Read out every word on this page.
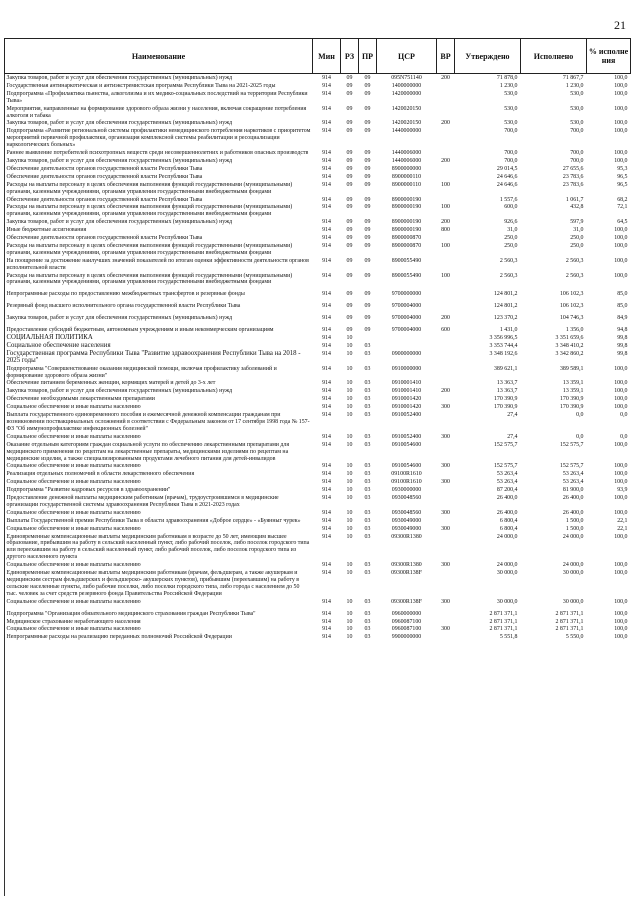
21
Наименование	Мин	РЗ	ПР	ЦСР	ВР	Утверждено	Исполнено	% исполне ния
Закупка товаров, работ и услуг для обеспечения государственных (муниципальных) нужд	914	09	09	095N751140	200	71 878,0	71 867,7	100,0
Государственная антинаркотическая и антиэкстремистская программа Республики Тыва на 2021-2025 годы	914	09	09	1400000000		1 230,0	1 230,0	100,0
Подпрограмма «Профилактика пьянства, алкоголизма и их медико-социальных последствий на территории Республики Тыва»	914	09	09	1420000000		530,0	530,0	100,0
Мероприятия, направленные на формирование здорового образа жизни у населения, включая сокращение потребления алкоголя и табака	914	09	09	1420020150		530,0	530,0	100,0
Закупка товаров, работ и услуг для обеспечения государственных (муниципальных) нужд	914	09	09	1420020150	200	530,0	530,0	100,0
Подпрограмма «Развитие региональной системы профилактики немедицинского потребления наркотиков с приоритетом мероприятий первичной профилактики, организация комплексной системы реабилитации и ресоциализации наркологических больных»	914	09	09	1440000000		700,0	700,0	100,0
Раннее выявление потребителей психотропных веществ среди несовершеннолетних и работников опасных производств	914	09	09	1440006000		700,0	700,0	100,0
Закупка товаров, работ и услуг для обеспечения государственных (муниципальных) нужд	914	09	09	1440006000	200	700,0	700,0	100,0
Обеспечение деятельности органов государственной власти Республики Тыва	914	09	09	8900000000		29 014,5	27 655,6	95,3
Обеспечение деятельности органов государственной власти Республики Тыва	914	09	09	8900000110		24 646,6	23 783,6	96,5
Расходы на выплаты персоналу в целях обеспечения выполнения функций государственными (муниципальными) органами, казенными учреждениями, органами управления государственными внебюджетными фондами	914	09	09	8900000110	100	24 646,6	23 783,6	96,5
Обеспечение деятельности органов государственной власти Республики Тыва	914	09	09	8900000190		1 557,6	1 061,7	68,2
Расходы на выплаты персоналу в целях обеспечения выполнения функций государственными (муниципальными) органами, казенными учреждениями, органами управления государственными внебюджетными фондами	914	09	09	8900000190	100	600,0	432,8	72,1
Закупка товаров, работ и услуг для обеспечения государственных (муниципальных) нужд	914	09	09	8900000190	200	926,6	597,9	64,5
Иные бюджетные ассигнования	914	09	09	8900000190	800	31,0	31,0	100,0
Обеспечение деятельности органов государственной власти Республики Тыва	914	09	09	8900000870		250,0	250,0	100,0
Расходы на выплаты персоналу в целях обеспечения выполнения функций государственными (муниципальными) органами, казенными учреждениями, органами управления государственными внебюджетными фондами	914	09	09	8900000870	100	250,0	250,0	100,0
На поощрение за достижение наилучших значений показателей по итогам оценки эффективности деятельности органов исполнительной власти	914	09	09	8900055490		2 560,3	2 560,3	100,0
Расходы на выплаты персоналу в целях обеспечения выполнения функций государственными (муниципальными) органами, казенными учреждениями, органами управления государственными внебюджетными фондами	914	09	09	8900055490	100	2 560,3	2 560,3	100,0
Непрограммные расходы по предоставлению межбюджетных трансфертов и резервные фонды	914	09	09	9700000000		124 801,2	106 102,3	85,0
Резервный фонд высшего исполнительного органа государственной власти Республики Тыва	914	09	09	9700004000		124 801,2	106 102,3	85,0
Закупка товаров, работ и услуг для обеспечения государственных (муниципальных) нужд	914	09	09	9700004000	200	123 370,2	104 746,3	84,9
Предоставление субсидий бюджетным, автономным учреждениям и иным некоммерческим организациям	914	09	09	9700004000	600	1 431,0	1 356,0	94,8
СОЦИАЛЬНАЯ ПОЛИТИКА	914	10				3 356 996,5	3 351 659,6	99,8
Социальное обеспечение населения	914	10	03			3 353 744,4	3 348 410,2	99,8
Государственная программа Республики Тыва "Развитие здравоохранения Республики Тыва на 2018 - 2025 годы"	914	10	03	0900000000		3 348 192,6	3 342 860,2	99,8
Подпрограмма "Совершенствование оказания медицинской помощи, включая профилактику заболеваний и формирование здорового образа жизни"	914	10	03	0910000000		389 621,1	389 589,1	100,0
Обеспечение питанием беременных женщин, кормящих матерей и детей до 3-х лет	914	10	03	0910001410		13 363,7	13 359,1	100,0
Закупка товаров, работ и услуг для обеспечения государственных (муниципальных) нужд	914	10	03	0910001410	200	13 363,7	13 359,1	100,0
Обеспечение необходимыми лекарственными препаратами	914	10	03	0910001420		170 390,9	170 390,9	100,0
Социальное обеспечение и иные выплаты населению	914	10	03	0910001420	300	170 390,9	170 390,9	100,0
Выплата государственного единовременного пособия и ежемесячной денежной компенсации гражданам при возникновении поствакцинальных осложнений в соответствии с Федеральным законом от 17 сентября 1998 года № 157-ФЗ "Об иммунопрофилактике инфекционных болезней"	914	10	03	0910052400		27,4	0,0	0,0
Социальное обеспечение и иные выплаты населению	914	10	03	0910052400	300	27,4	0,0	0,0
Оказание отдельным категориям граждан социальной услуги по обеспечению лекарственными препаратами для медицинского применения по рецептам на лекарственные препараты, медицинскими изделиями по рецептам на медицинские изделия, а также специализированными продуктами лечебного питания для детей-инвалидов	914	10	03	0910054600		152 575,7	152 575,7	100,0
Социальное обеспечение и иные выплаты населению	914	10	03	0910054600	300	152 575,7	152 575,7	100,0
Реализация отдельных полномочий в области лекарственного обеспечения	914	10	03	09100R1610		53 263,4	53 263,4	100,0
Социальное обеспечение и иные выплаты населению	914	10	03	09100R1610	300	53 263,4	53 263,4	100,0
Подпрограмма "Развитие кадровых ресурсов в здравоохранении"	914	10	03	0930000000		87 200,4	81 900,0	93,9
Предоставление денежной выплаты медицинским работникам (врачам), трудоустроившимся в медицинские организации государственной системы здравоохранения Республики Тыва в 2021-2023 годах	914	10	03	0930048560		26 400,0	26 400,0	100,0
Социальное обеспечение и иные выплаты населению	914	10	03	0930048560	300	26 400,0	26 400,0	100,0
Выплаты Государственной премии Республики Тыва в области здравоохранения «Доброе сердце» - «Буянныг чурек»	914	10	03	0930049000		6 800,4	1 500,0	22,1
Социальное обеспечение и иные выплаты населению	914	10	03	0930049000	300	6 800,4	1 500,0	22,1
Единовременные компенсационные выплаты медицинским работникам в возрасте до 50 лет, имеющим высшее образование, прибывшим на работу в сельский населенный пункт, либо рабочий поселок, либо поселок городского типа или переехавшим на работу в сельский населенный пункт, либо рабочий поселок, либо поселок городского типа из другого населенного пункта	914	10	03	09300R1380		24 000,0	24 000,0	100,0
Социальное обеспечение и иные выплаты населению	914	10	03	09300R1380	300	24 000,0	24 000,0	100,0
Единовременные компенсационные выплаты медицинским работникам (врачам, фельдшерам, а также акушеркам и медицинским сестрам фельдшерских и фельдшерско- акушерских пунктов), прибывшим (переехавшим) на работу в сельские населенные пункты, либо рабочие поселки, либо поселки городского типа, либо города с населением до 50 тыс. человек за счет средств резервного фонда Правительства Российской Федерации	914	10	03	09300R138F		30 000,0	30 000,0	100,0
Социальное обеспечение и иные выплаты населению	914	10	03	09300R138F	300	30 000,0	30 000,0	100,0
Подпрограмма "Организация обязательного медицинского страхования граждан Республики Тыва"	914	10	03	0960000000		2 871 371,1	2 871 371,1	100,0
Медицинское страхование неработающего населения	914	10	03	0960087100		2 871 371,1	2 871 371,1	100,0
Социальное обеспечение и иные выплаты населению	914	10	03	0960087100	300	2 871 371,1	2 871 371,1	100,0
Непрограммные расходы на реализацию переданных полномочий Российской Федерации	914	10	03	9900000000		5 551,8	5 550,0	100,0
